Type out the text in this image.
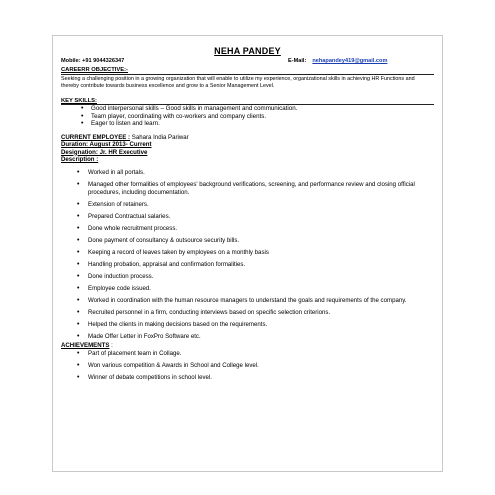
NEHA PANDEY
Mobile: +91 9044326347	E-Mail: nehapandey419@gmail.com
CAREERR OBJECTIVE:-
Seeking a challenging position in a growing organization that will enable to utilize my experience, organizational skills in achieving HR Functions and thereby contribute towards business excellence and grow to a Senior Management Level.
KEY SKILLS:
• Good interpersonal skills – Good skills in management and communication.
• Team player, coordinating with co-workers and company clients.
• Eager to listen and learn.
CURRENT EMPLOYEE : Sahara India Pariwar
Duration: August 2013- Current
Designation: Jr. HR Executive
Description :
• Worked in all portals.
• Managed other formalities of employees' background verifications, screening, and performance review and closing official procedures, including documentation.
• Extension of retainers.
• Prepared Contractual salaries.
• Done whole recruitment process.
• Done payment of consultancy & outsource security bills.
• Keeping a record of leaves taken by employees on a monthly basis
• Handling probation, appraisal and confirmation formalities.
• Done induction process.
• Employee code issued.
• Worked in coordination with the human resource managers to understand the goals and requirements of the company.
• Recruited personnel in a firm, conducting interviews based on specific selection criterions.
• Helped the clients in making decisions based on the requirements.
• Made Offer Letter in FoxPro Software etc.
ACHIEVEMENTS :
• Part of placement team in Collage.
• Won various competition & Awards in School and College level.
• Winner of debate competitions in school level.
